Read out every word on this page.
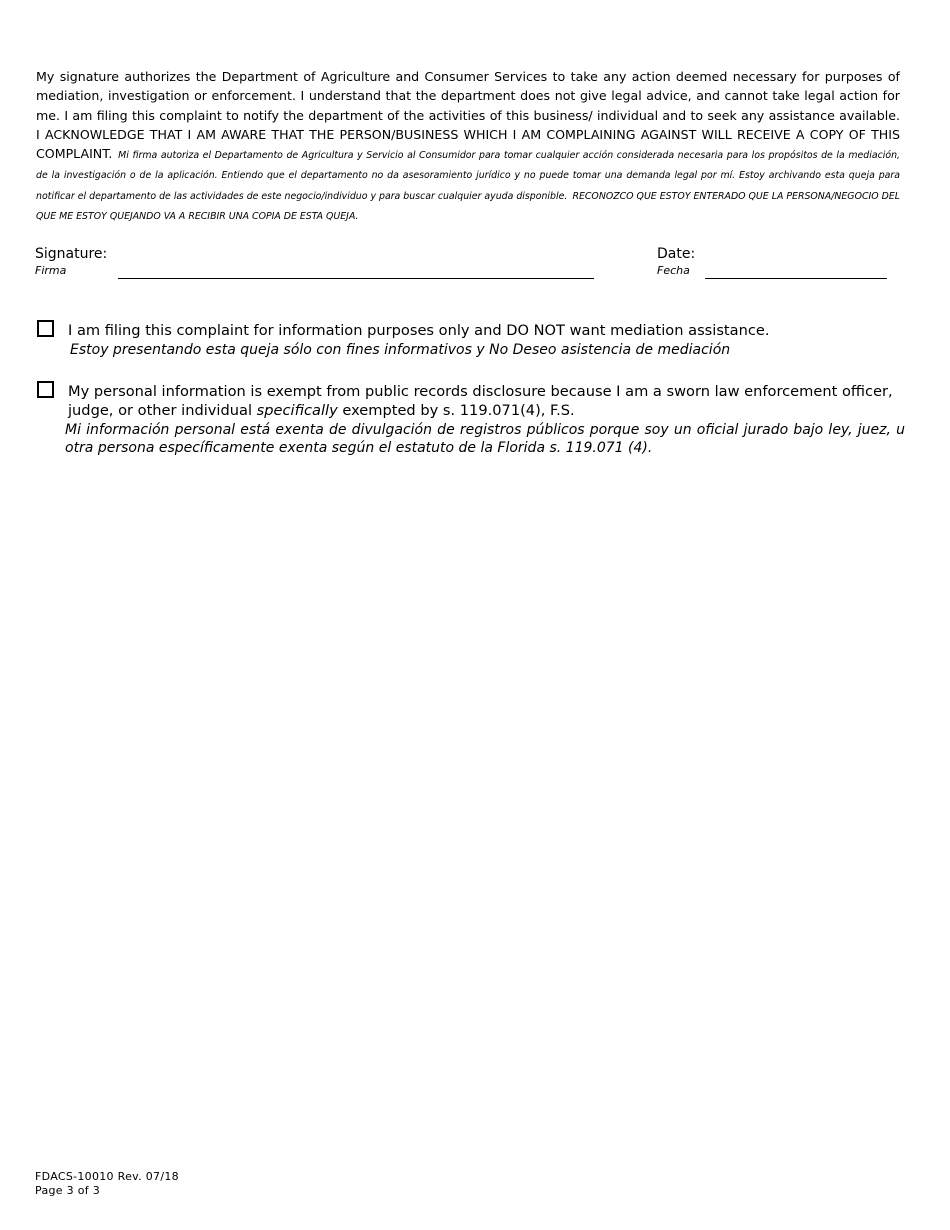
My signature authorizes the Department of Agriculture and Consumer Services to take any action deemed necessary for purposes of mediation, investigation or enforcement. I understand that the department does not give legal advice, and cannot take legal action for me. I am filing this complaint to notify the department of the activities of this business/ individual and to seek any assistance available. I ACKNOWLEDGE THAT I AM AWARE THAT THE PERSON/BUSINESS WHICH I AM COMPLAINING AGAINST WILL RECEIVE A COPY OF THIS COMPLAINT. Mi firma autoriza el Departamento de Agricultura y Servicio al Consumidor para tomar cualquier acción considerada necesaria para los propósitos de la mediación, de la investigación o de la aplicación. Entiendo que el departamento no da asesoramiento jurídico y no puede tomar una demanda legal por mí. Estoy archivando esta queja para notificar el departamento de las actividades de este negocio/individuo y para buscar cualquier ayuda disponible. RECONOZCO QUE ESTOY ENTERADO QUE LA PERSONA/NEGOCIO DEL QUE ME ESTOY QUEJANDO VA A RECIBIR UNA COPIA DE ESTA QUEJA.
Signature:
Firma
Date:
Fecha
I am filing this complaint for information purposes only and DO NOT want mediation assistance.
Estoy presentando esta queja sólo con fines informativos y No Deseo asistencia de mediación
My personal information is exempt from public records disclosure because I am a sworn law enforcement officer, judge, or other individual specifically exempted by s. 119.071(4), F.S.
Mi información personal está exenta de divulgación de registros públicos porque soy un oficial jurado bajo ley, juez, u otra persona específicamente exenta según el estatuto de la Florida s. 119.071 (4).
FDACS-10010 Rev. 07/18
Page 3 of 3
